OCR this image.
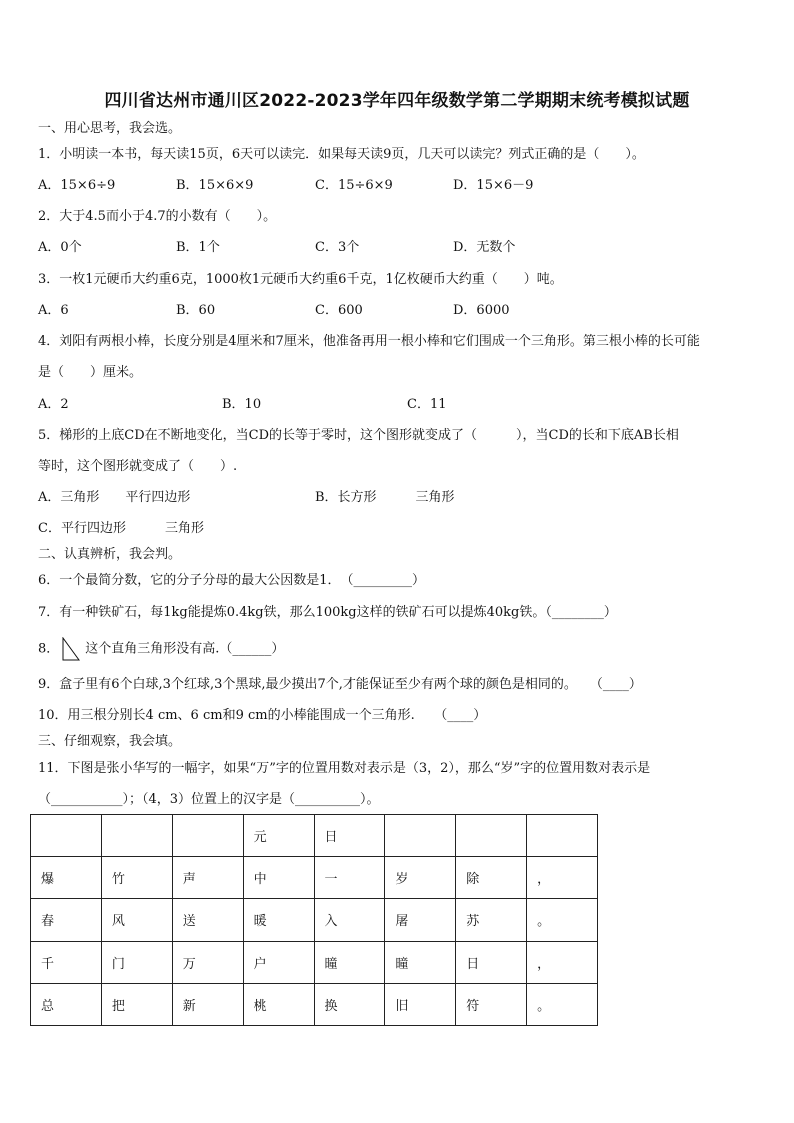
四川省达州市通川区2022-2023学年四年级数学第二学期期末统考模拟试题
一、用心思考，我会选。
1．小明读一本书，每天读15页，6天可以读完．如果每天读9页，几天可以读完？列式正确的是（　　）。
A．15×6÷9	B．15×6×9	C．15÷6×9	D．15×6－9
2．大于4.5而小于4.7的小数有（　　）。
A．0个	B．1个	C．3个	D．无数个
3．一枚1元硬币大约重6克，1000枚1元硬币大约重6千克，1亿枚硬币大约重（　　）吨。
A．6	B．60	C．600	D．6000
4．刘阳有两根小棒，长度分别是4厘米和7厘米，他准备再用一根小棒和它们围成一个三角形。第三根小棒的长可能
是（　　）厘米。
A．2	B．10	C．11
5．梯形的上底CD在不断地变化，当CD的长等于零时，这个图形就变成了（　　　），当CD的长和下底AB长相
等时，这个图形就变成了（　　）.
A．三角形　　平行四边形	B．长方形　　　三角形
C．平行四边形　　　三角形
二、认真辨析，我会判。
6．一个最简分数，它的分子分母的最大公因数是1．　（_________）
7．有一种铁矿石，每1kg能提炼0.4kg铁，那么100kg这样的铁矿石可以提炼40kg铁。（________）
8． 这个直角三角形没有高.（______）
9．盒子里有6个白球,3个红球,3个黑球,最少摸出7个,才能保证至少有两个球的颜色是相同的。　　（____）
10．用三根分别长4 cm、6 cm和9 cm的小棒能围成一个三角形.　　（____）
三、仔细观察，我会填。
11．下图是张小华写的一幅字，如果“万”字的位置用数对表示是（3，2），那么“岁”字的位置用数对表示是
（___________）；（4，3）位置上的汉字是（__________）。
			元	日			
爆	竹	声	中	一	岁	除	，
春	风	送	暖	入	屠	苏	。
千	门	万	户	曈	曈	日	，
总	把	新	桃	换	旧	符	。
